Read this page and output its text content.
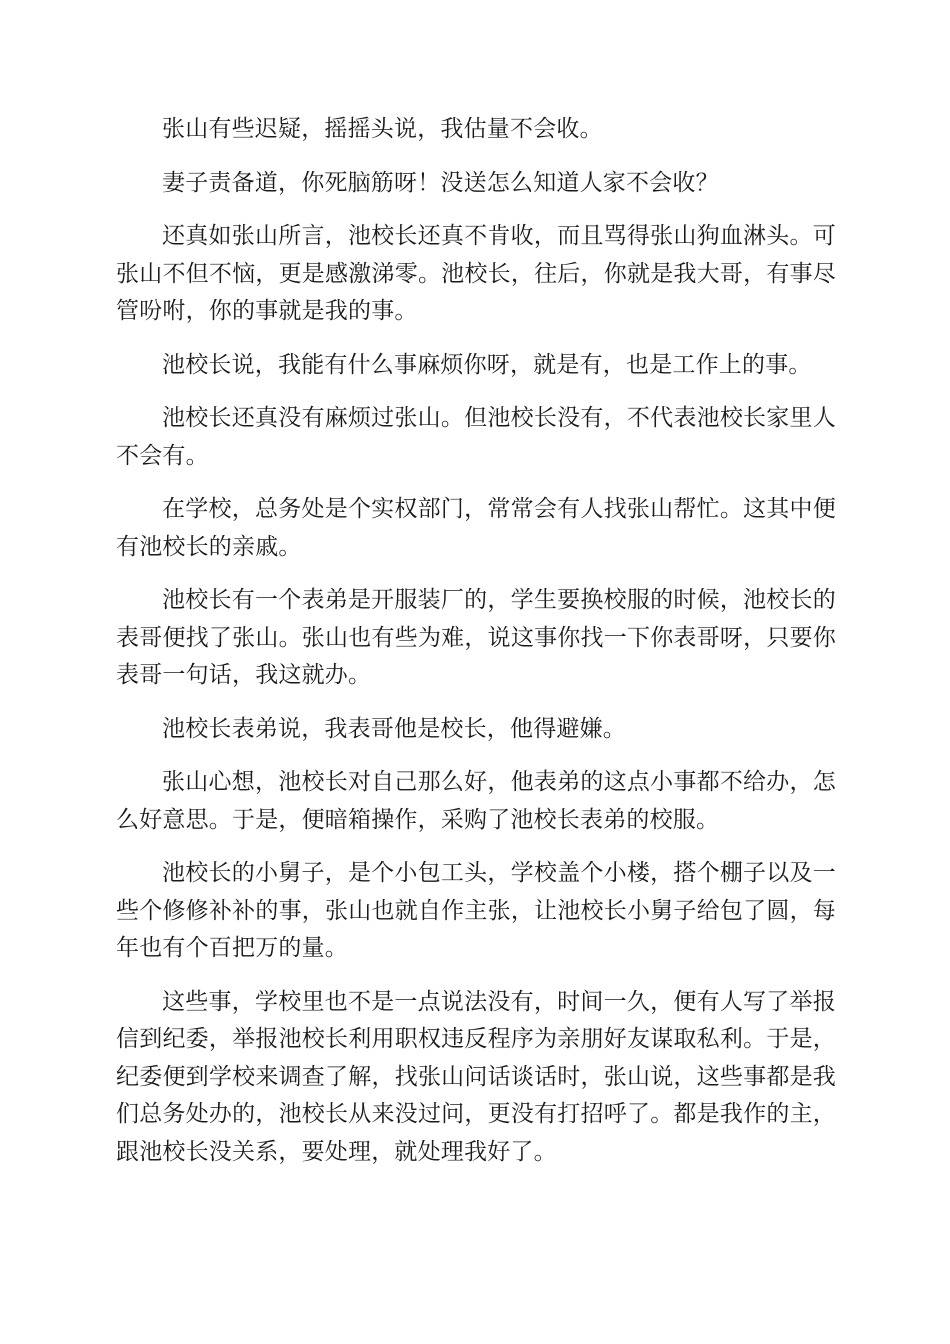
张山有些迟疑，摇摇头说，我估量不会收。

妻子责备道，你死脑筋呀！没送怎么知道人家不会收？

还真如张山所言，池校长还真不肯收，而且骂得张山狗血淋头。可张山不但不恼，更是感激涕零。池校长，往后，你就是我大哥，有事尽管吩咐，你的事就是我的事。

池校长说，我能有什么事麻烦你呀，就是有，也是工作上的事。

池校长还真没有麻烦过张山。但池校长没有，不代表池校长家里人不会有。

在学校，总务处是个实权部门，常常会有人找张山帮忙。这其中便有池校长的亲戚。

池校长有一个表弟是开服装厂的，学生要换校服的时候，池校长的表哥便找了张山。张山也有些为难，说这事你找一下你表哥呀，只要你表哥一句话，我这就办。

池校长表弟说，我表哥他是校长，他得避嫌。

张山心想，池校长对自己那么好，他表弟的这点小事都不给办，怎么好意思。于是，便暗箱操作，采购了池校长表弟的校服。

池校长的小舅子，是个小包工头，学校盖个小楼，搭个棚子以及一些个修修补补的事，张山也就自作主张，让池校长小舅子给包了圆，每年也有个百把万的量。

这些事，学校里也不是一点说法没有，时间一久，便有人写了举报信到纪委，举报池校长利用职权违反程序为亲朋好友谋取私利。于是，纪委便到学校来调查了解，找张山问话谈话时，张山说，这些事都是我们总务处办的，池校长从来没过问，更没有打招呼了。都是我作的主，跟池校长没关系，要处理，就处理我好了。
